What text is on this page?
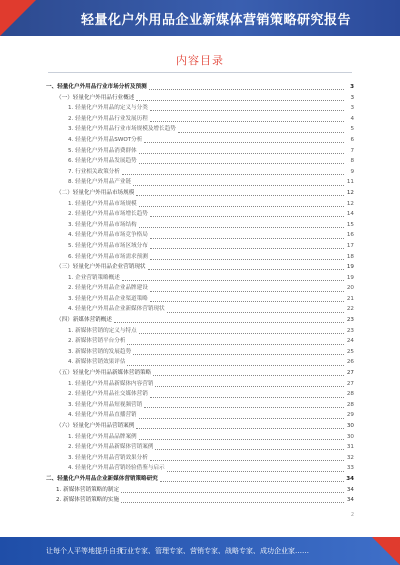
轻量化户外用品企业新媒体营销策略研究报告
内容目录
一、轻量化户外用品行业市场分析及预测	3
（一）轻量化户外用品行业概述	3
1. 轻量化户外用品的定义与分类	3
2. 轻量化户外用品行业发展历程	4
3. 轻量化户外用品行业市场规模及增长趋势	5
4. 轻量化户外用品SWOT分析	6
5. 轻量化户外用品消费群体	7
6. 轻量化户外用品发展趋势	8
7. 行业相关政策分析	9
8. 轻量化户外用品产业链	11
（二）轻量化户外用品市场规模	12
1. 轻量化户外用品市场规模	12
2. 轻量化户外用品市场增长趋势	14
3. 轻量化户外用品市场结构	15
4. 轻量化户外用品市场竞争格局	16
5. 轻量化户外用品市场区域分布	17
6. 轻量化户外用品市场需求预测	18
（三）轻量化户外用品企业营销现状	19
1. 企业营销策略概述	19
2. 轻量化户外用品企业品牌建设	20
3. 轻量化户外用品企业渠道策略	21
4. 轻量化户外用品企业新媒体营销现状	22
（四）新媒体营销概述	23
1. 新媒体营销的定义与特点	23
2. 新媒体营销平台分析	24
3. 新媒体营销的发展趋势	25
4. 新媒体营销效果评估	26
（五）轻量化户外用品新媒体营销策略	27
1. 轻量化户外用品新媒体内容营销	27
2. 轻量化户外用品社交媒体营销	28
3. 轻量化户外用品短视频营销	28
4. 轻量化户外用品直播营销	29
（六）轻量化户外用品营销案例	30
1. 轻量化户外用品品牌案例	30
2. 轻量化户外用品新媒体营销案例	31
3. 轻量化户外用品营销效果分析	32
4. 轻量化户外用品营销经验借鉴与启示	33
二、轻量化户外用品企业新媒体营销策略研究	34
1. 新媒体营销策略的制定	34
2. 新媒体营销策略的实施	34
2
让每个人平等地提升自我
行业专家、管理专家、营销专家、战略专家、成功企业家……
